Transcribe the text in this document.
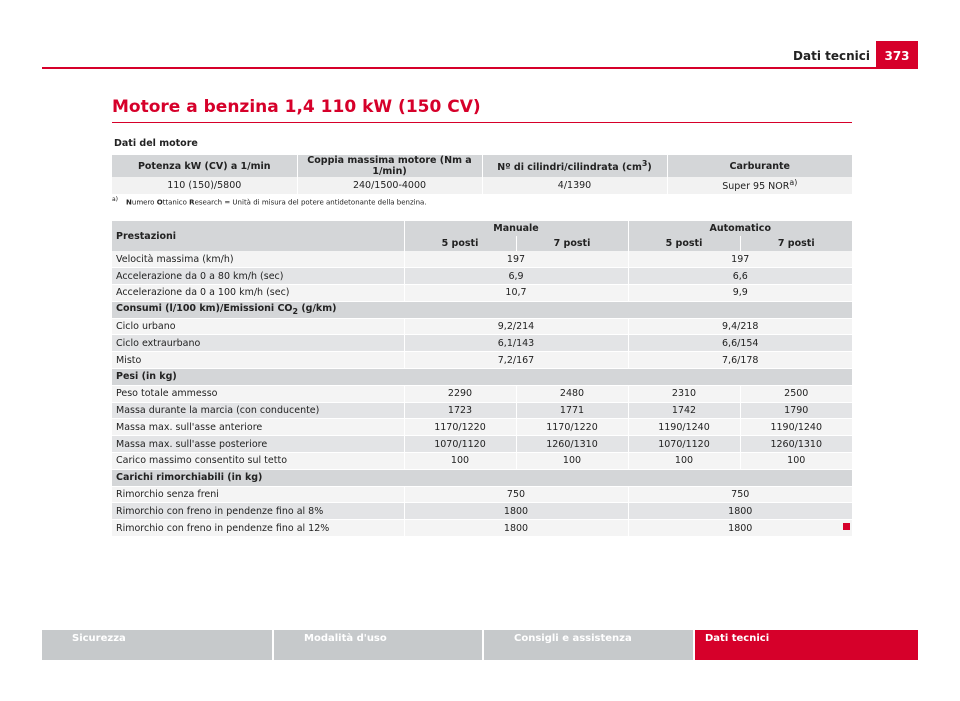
Dati tecnici	373
Motore a benzina 1,4 110 kW (150 CV)
Dati del motore
Potenza kW (CV) a 1/min	Coppia massima motore (Nm a 1/min)	Nº di cilindri/cilindrata $(cm^3)$	Carburante
110 (150)/5800	240/1500-4000	4/1390	Super 95 NOR$^{a)}$
$^{a)}$ Numero Ottanico Research = Unità di misura del potere antidetonante della benzina.
Prestazioni	Manuale		Automatico	
	5 posti	7 posti	5 posti	7 posti
Velocità massima (km/h)	197		197	
Accelerazione da 0 a 80 km/h (sec)	6,9		6,6	
Accelerazione da 0 a 100 km/h (sec)	10,7		9,9	
Consumi (l/100 km)/Emissioni $CO_2$ (g/km)				
Ciclo urbano	9,2/214		9,4/218	
Ciclo extraurbano	6,1/143		6,6/154	
Misto	7,2/167		7,6/178	
Pesi (in kg)				
Peso totale ammesso	2290	2480	2310	2500
Massa durante la marcia (con conducente)	1723	1771	1742	1790
Massa max. sull'asse anteriore	1170/1220	1170/1220	1190/1240	1190/1240
Massa max. sull'asse posteriore	1070/1120	1260/1310	1070/1120	1260/1310
Carico massimo consentito sul tetto	100	100	100	100
Carichi rimorchiabili (in kg)				
Rimorchio senza freni	750		750	
Rimorchio con freno in pendenze fino al 8%	1800		1800	
Rimorchio con freno in pendenze fino al 12%	1800		1800	
Sicurezza	Modalità d'uso	Consigli e assistenza	Dati tecnici
